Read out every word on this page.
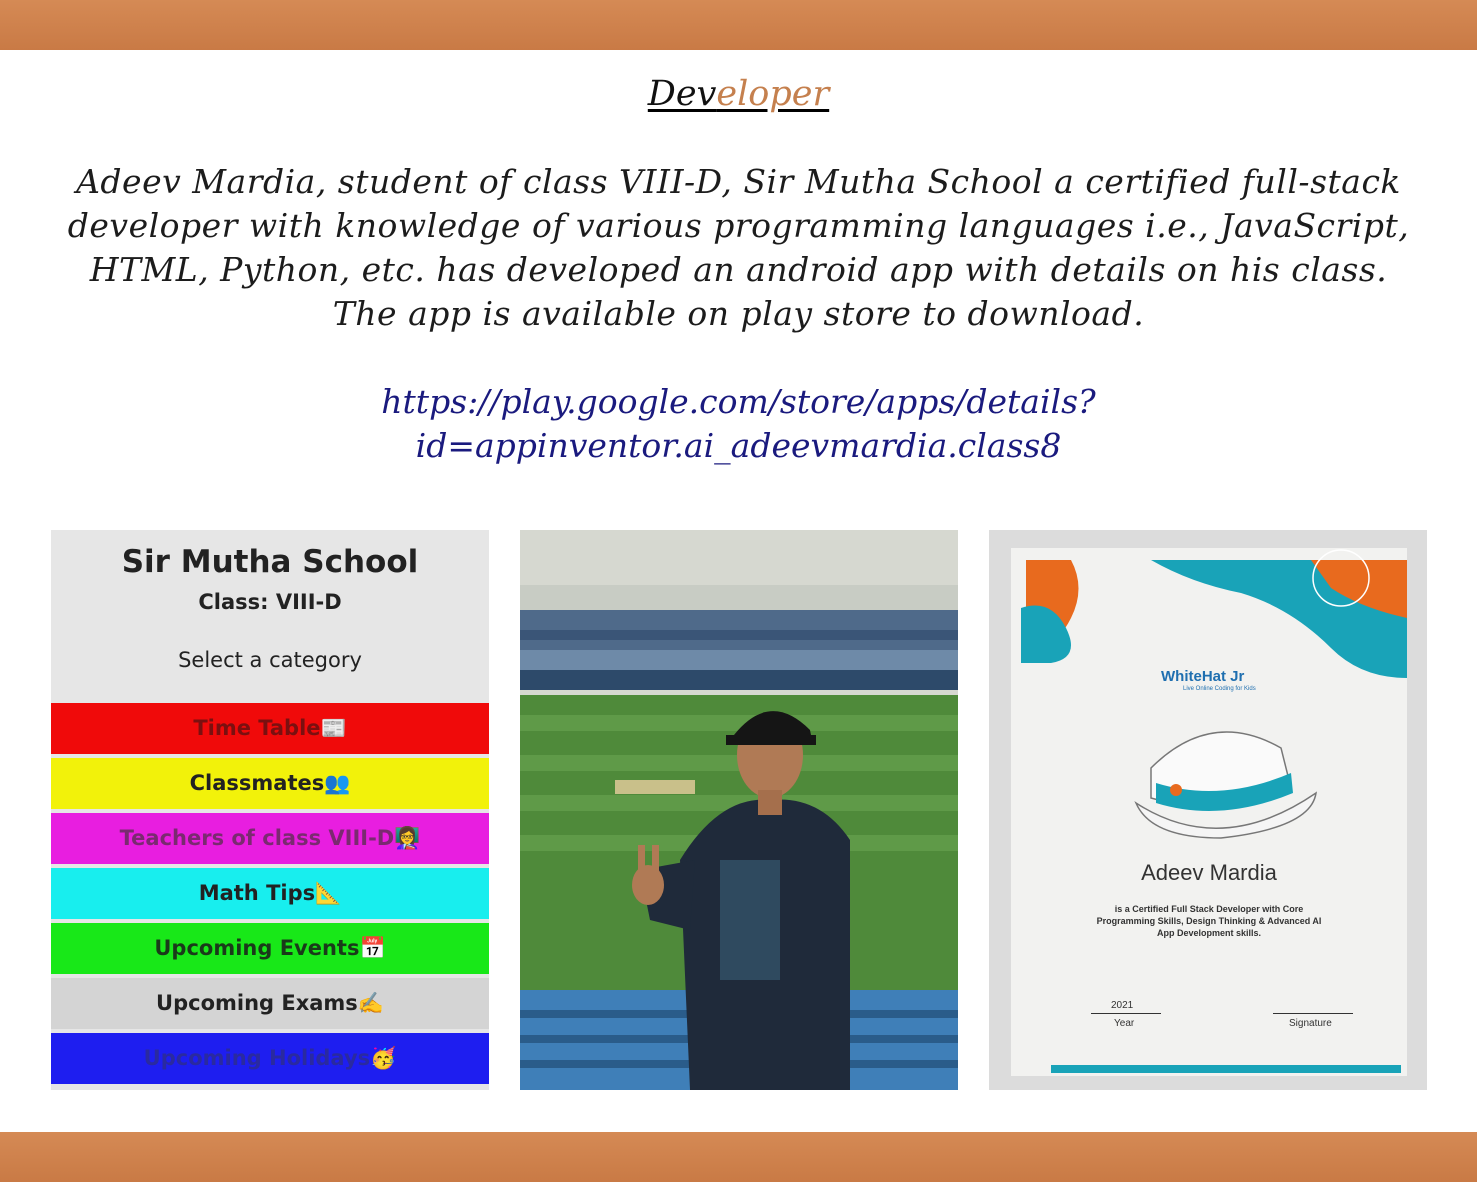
Developer
Adeev Mardia, student of class VIII-D, Sir Mutha School a certified full-stack developer with knowledge of various programming languages i.e., JavaScript, HTML, Python, etc. has developed an android app with details on his class. The app is available on play store to download.
https://play.google.com/store/apps/details?
id=appinventor.ai_adeevmardia.class8
Sir Mutha School
Class: VIII-D
Select a category
Time Table📰
Classmates👥
Teachers of class VIII-D👩‍🏫
Math Tips📐
Upcoming Events📅
Upcoming Exams✍️
Upcoming Holidays🥳
WhiteHat Jr
Live Online Coding for Kids
Adeev Mardia
is a Certified Full Stack Developer with Core Programming Skills, Design Thinking & Advanced AI App Development skills.
2021
Year	Signature
